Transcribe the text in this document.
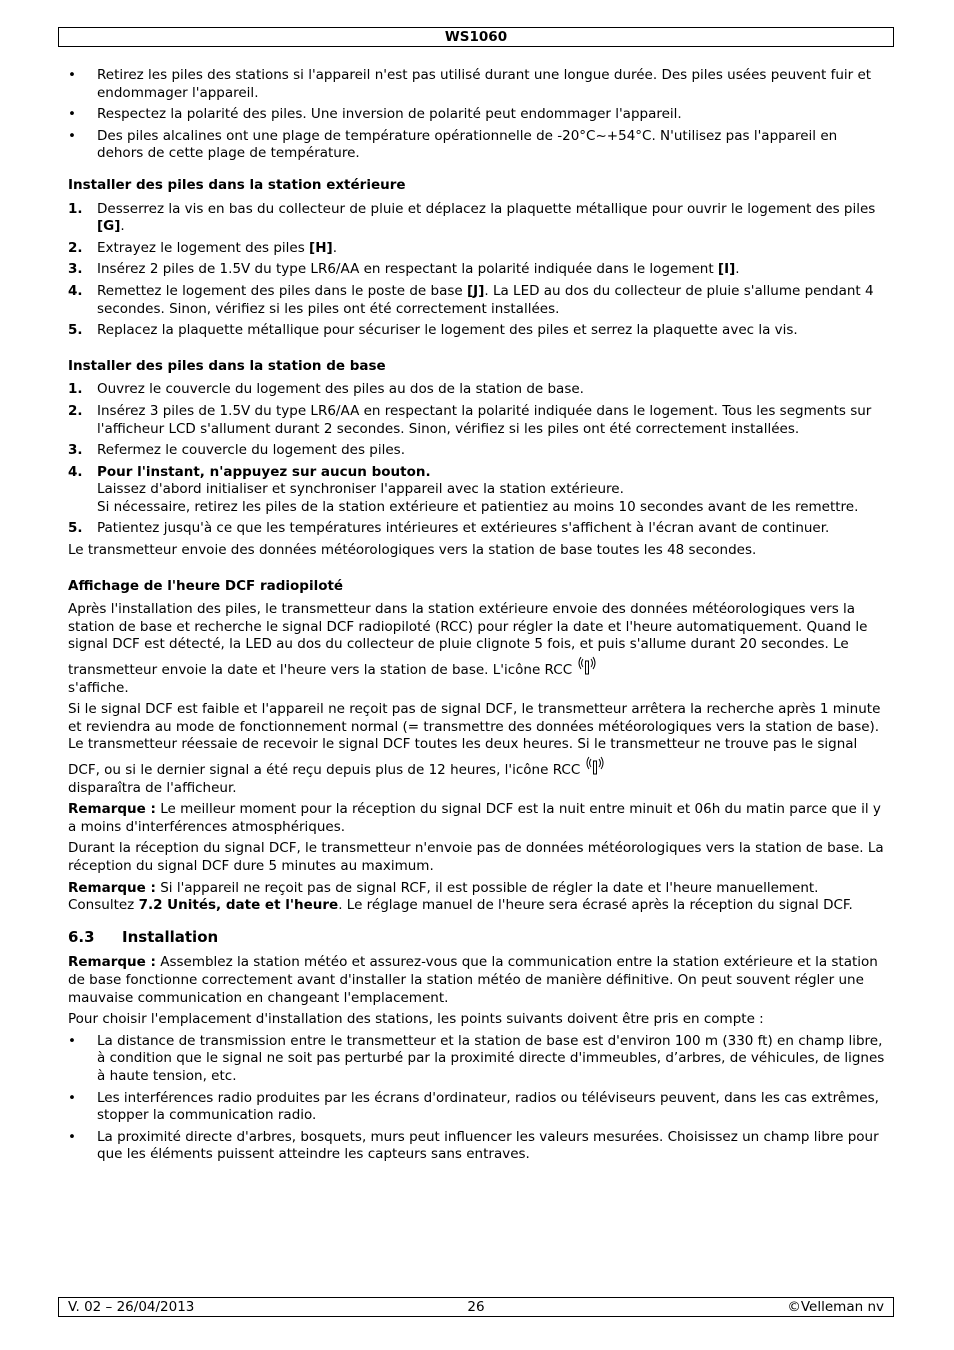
WS1060
• Retirez les piles des stations si l'appareil n'est pas utilisé durant une longue durée. Des piles usées peuvent fuir et endommager l'appareil.
• Respectez la polarité des piles. Une inversion de polarité peut endommager l'appareil.
• Des piles alcalines ont une plage de température opérationnelle de -20°C~+54°C. N'utilisez pas l'appareil en dehors de cette plage de température.
Installer des piles dans la station extérieure
1. Desserrez la vis en bas du collecteur de pluie et déplacez la plaquette métallique pour ouvrir le logement des piles [G].
2. Extrayez le logement des piles [H].
3. Insérez 2 piles de 1.5V du type LR6/AA en respectant la polarité indiquée dans le logement [I].
4. Remettez le logement des piles dans le poste de base [J]. La LED au dos du collecteur de pluie s'allume pendant 4 secondes. Sinon, vérifiez si les piles ont été correctement installées.
5. Replacez la plaquette métallique pour sécuriser le logement des piles et serrez la plaquette avec la vis.
Installer des piles dans la station de base
1. Ouvrez le couvercle du logement des piles au dos de la station de base.
2. Insérez 3 piles de 1.5V du type LR6/AA en respectant la polarité indiquée dans le logement. Tous les segments sur l'afficheur LCD s'allument durant 2 secondes. Sinon, vérifiez si les piles ont été correctement installées.
3. Refermez le couvercle du logement des piles.
4. Pour l'instant, n'appuyez sur aucun bouton.
Laissez d'abord initialiser et synchroniser l'appareil avec la station extérieure.
Si nécessaire, retirez les piles de la station extérieure et patientiez au moins 10 secondes avant de les remettre.
5. Patientez jusqu'à ce que les températures intérieures et extérieures s'affichent à l'écran avant de continuer.

Le transmetteur envoie des données météorologiques vers la station de base toutes les 48 secondes.

Affichage de l'heure DCF radiopiloté

Après l'installation des piles, le transmetteur dans la station extérieure envoie des données météorologiques vers la station de base et recherche le signal DCF radiopiloté (RCC) pour régler la date et l'heure automatiquement. Quand le signal DCF est détecté, la LED au dos du collecteur de pluie clignote 5 fois, et puis s'allume durant 20 secondes. Le transmetteur envoie la date et l'heure vers la station de base. L'icône RCC
s'affiche.

Si le signal DCF est faible et l'appareil ne reçoit pas de signal DCF, le transmetteur arrêtera la recherche après 1 minute et reviendra au mode de fonctionnement normal (= transmettre des données météorologiques vers la station de base). Le transmetteur réessaie de recevoir le signal DCF toutes les deux heures. Si le transmetteur ne trouve pas le signal DCF, ou si le dernier signal a été reçu depuis plus de 12 heures, l'icône RCC
disparaîtra de l'afficheur.

Remarque : Le meilleur moment pour la réception du signal DCF est la nuit entre minuit et 06h du matin parce que il y a moins d'interférences atmosphériques.

Durant la réception du signal DCF, le transmetteur n'envoie pas de données météorologiques vers la station de base. La réception du signal DCF dure 5 minutes au maximum.

Remarque : Si l'appareil ne reçoit pas de signal RCF, il est possible de régler la date et l'heure manuellement. Consultez 7.2 Unités, date et l'heure. Le réglage manuel de l'heure sera écrasé après la réception du signal DCF.

6.3	Installation

Remarque : Assemblez la station météo et assurez-vous que la communication entre la station extérieure et la station de base fonctionne correctement avant d'installer la station météo de manière définitive. On peut souvent régler une mauvaise communication en changeant l'emplacement.

Pour choisir l'emplacement d'installation des stations, les points suivants doivent être pris en compte :

• La distance de transmission entre le transmetteur et la station de base est d'environ 100 m (330 ft) en champ libre, à condition que le signal ne soit pas perturbé par la proximité directe d'immeubles, d’arbres, de véhicules, de lignes à haute tension, etc.
• Les interférences radio produites par les écrans d'ordinateur, radios ou téléviseurs peuvent, dans les cas extrêmes, stopper la communication radio.
• La proximité directe d'arbres, bosquets, murs peut influencer les valeurs mesurées. Choisissez un champ libre pour que les éléments puissent atteindre les capteurs sans entraves.
V. 02 – 26/04/2013	26	©Velleman nv
